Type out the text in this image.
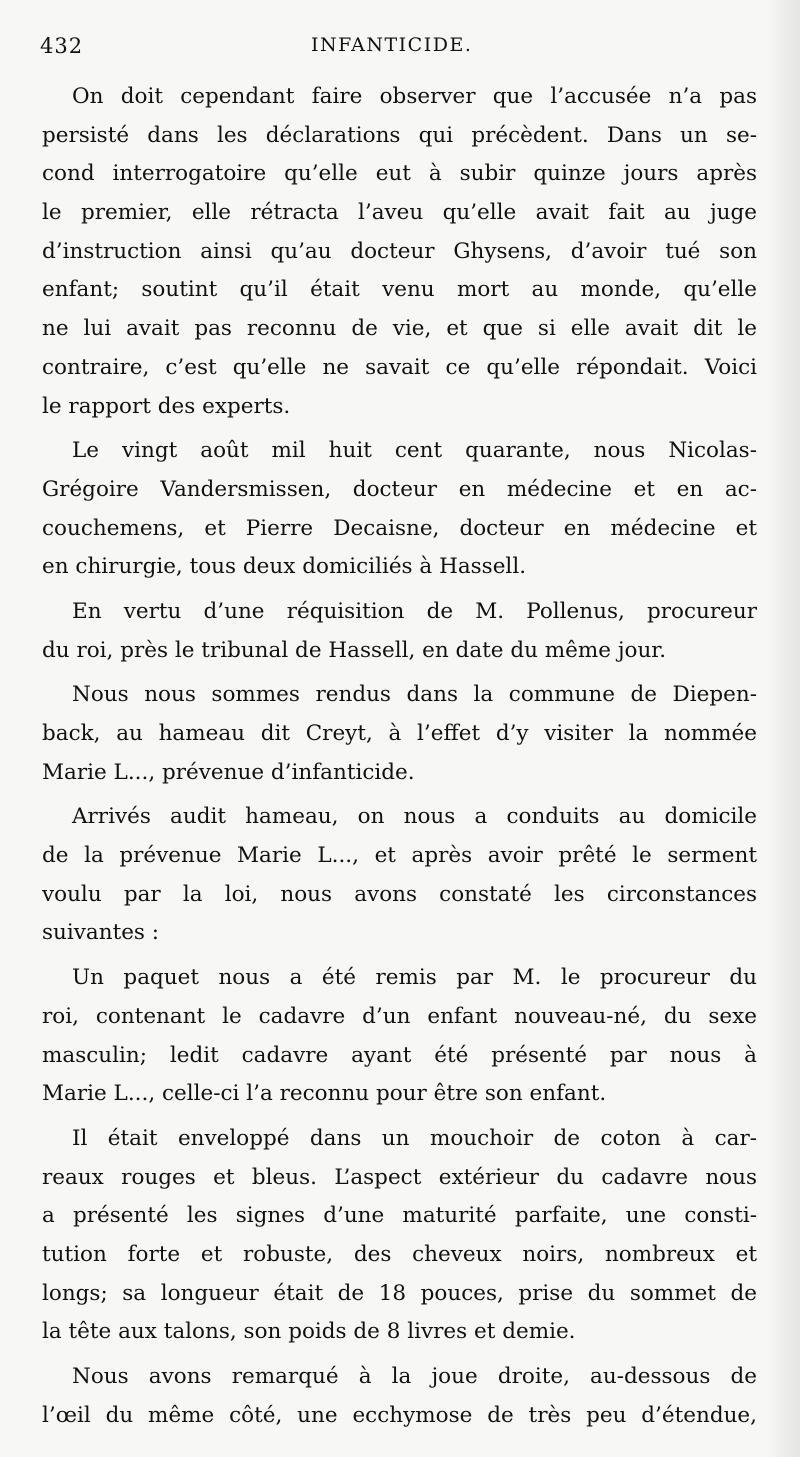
432	INFANTICIDE.
On doit cependant faire observer que l’accusée n’a pas
persisté dans les déclarations qui précèdent. Dans un se-
cond interrogatoire qu’elle eut à subir quinze jours après
le premier, elle rétracta l’aveu qu’elle avait fait au juge
d’instruction ainsi qu’au docteur Ghysens, d’avoir tué son
enfant; soutint qu’il était venu mort au monde, qu’elle
ne lui avait pas reconnu de vie, et que si elle avait dit le
contraire, c’est qu’elle ne savait ce qu’elle répondait. Voici
le rapport des experts.
Le vingt août mil huit cent quarante, nous Nicolas-
Grégoire Vandersmissen, docteur en médecine et en ac-
couchemens, et Pierre Decaisne, docteur en médecine et
en chirurgie, tous deux domiciliés à Hassell.
En vertu d’une réquisition de M. Pollenus, procureur
du roi, près le tribunal de Hassell, en date du même jour.
Nous nous sommes rendus dans la commune de Diepen-
back, au hameau dit Creyt, à l’effet d’y visiter la nommée
Marie L..., prévenue d’infanticide.
Arrivés audit hameau, on nous a conduits au domicile
de la prévenue Marie L..., et après avoir prêté le serment
voulu par la loi, nous avons constaté les circonstances
suivantes :
Un paquet nous a été remis par M. le procureur du
roi, contenant le cadavre d’un enfant nouveau-né, du sexe
masculin; ledit cadavre ayant été présenté par nous à
Marie L..., celle-ci l’a reconnu pour être son enfant.
Il était enveloppé dans un mouchoir de coton à car-
reaux rouges et bleus. L’aspect extérieur du cadavre nous
a présenté les signes d’une maturité parfaite, une consti-
tution forte et robuste, des cheveux noirs, nombreux et
longs; sa longueur était de 18 pouces, prise du sommet de
la tête aux talons, son poids de 8 livres et demie.
Nous avons remarqué à la joue droite, au-dessous de
l’œil du même côté, une ecchymose de très peu d’étendue,
